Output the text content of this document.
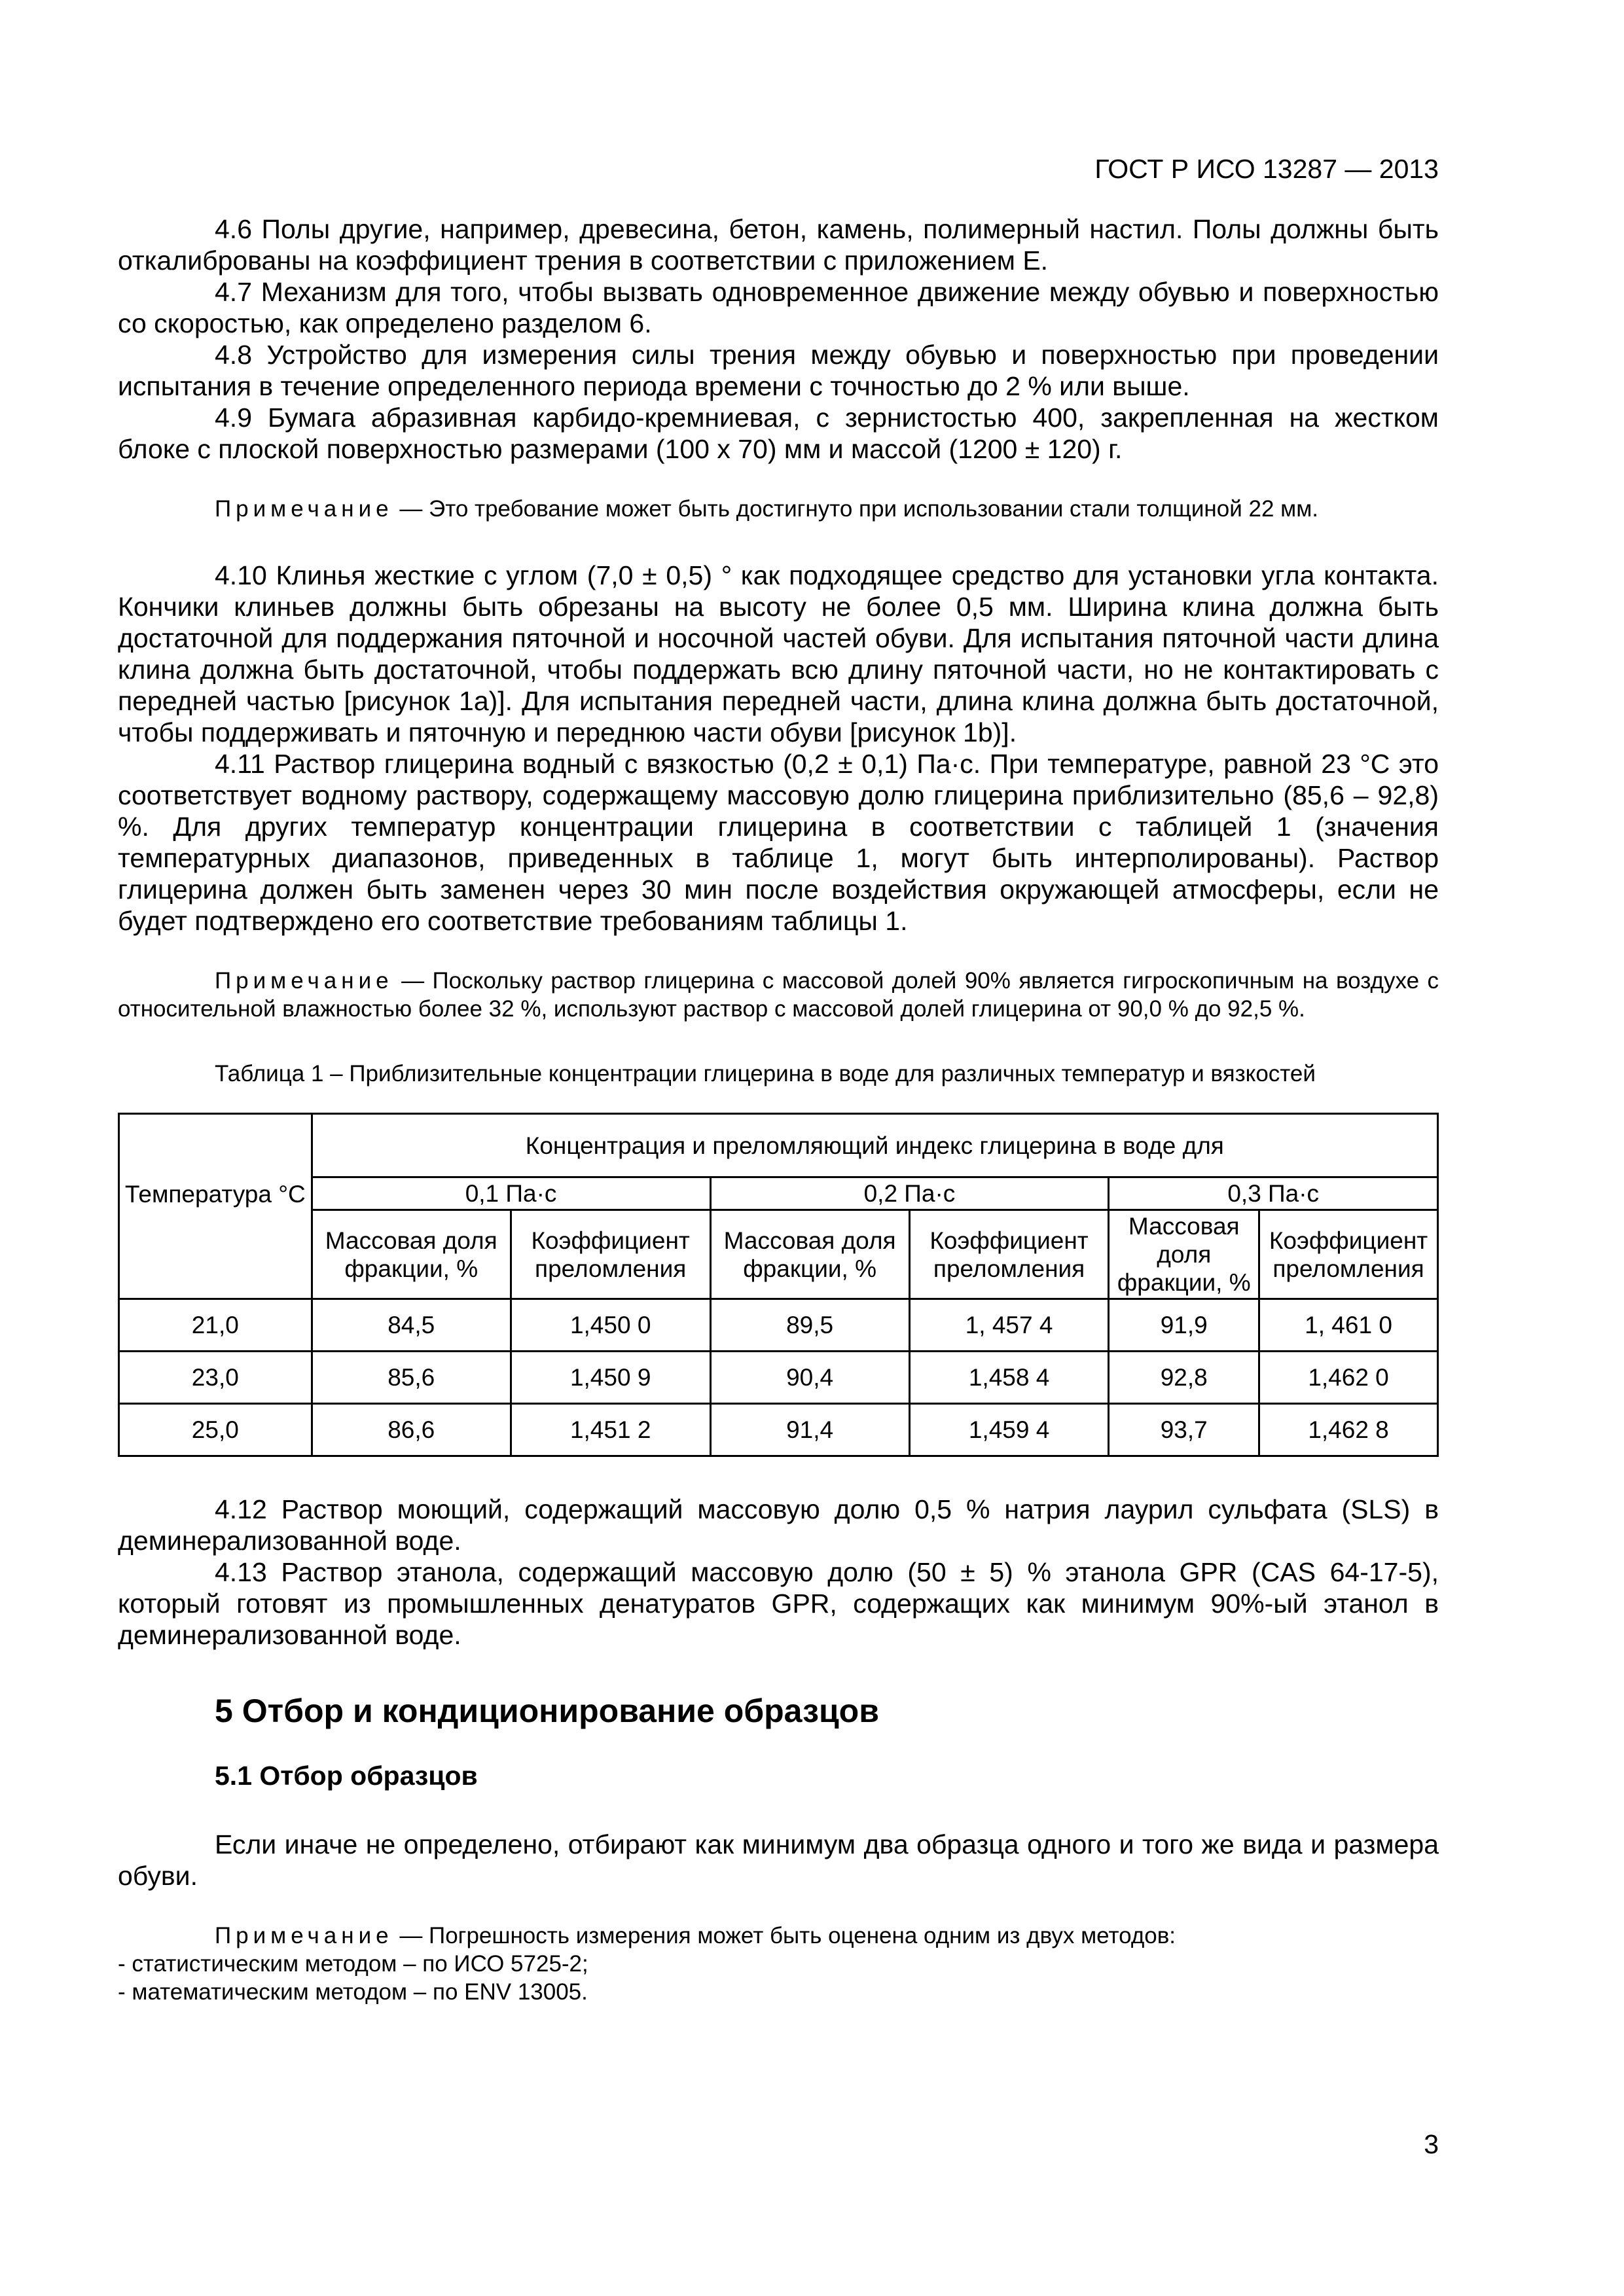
ГОСТ Р ИСО 13287 — 2013

4.6 Полы другие, например, древесина, бетон, камень, полимерный настил. Полы должны быть откалиброваны на коэффициент трения в соответствии с приложением Е.

4.7 Механизм для того, чтобы вызвать одновременное движение между обувью и поверхностью со скоростью, как определено разделом 6.

4.8 Устройство для измерения силы трения между обувью и поверхностью при проведении испытания в течение определенного периода времени с точностью до 2 % или выше.

4.9 Бумага абразивная карбидо-кремниевая, с зернистостью 400, закрепленная на жестком блоке с плоской поверхностью размерами (100 х 70) мм и массой (1200 ± 120) г.

Примечание — Это требование может быть достигнуто при использовании стали толщиной 22 мм.

4.10 Клинья жесткие с углом (7,0 ± 0,5) ° как подходящее средство для установки угла контакта. Кончики клиньев должны быть обрезаны на высоту не более 0,5 мм. Ширина клина должна быть достаточной для поддержания пяточной и носочной частей обуви. Для испытания пяточной части длина клина должна быть достаточной, чтобы поддержать всю длину пяточной части, но не контактировать с передней частью [рисунок 1а)]. Для испытания передней части, длина клина должна быть достаточной, чтобы поддерживать и пяточную и переднюю части обуви [рисунок 1b)].

4.11 Раствор глицерина водный с вязкостью (0,2 ± 0,1) Па·с. При температуре, равной 23 °С это соответствует водному раствору, содержащему массовую долю глицерина приблизительно (85,6 – 92,8) %. Для других температур концентрации глицерина в соответствии с таблицей 1 (значения температурных диапазонов, приведенных в таблице 1, могут быть интерполированы). Раствор глицерина должен быть заменен через 30 мин после воздействия окружающей атмосферы, если не будет подтверждено его соответствие требованиям таблицы 1.

Примечание — Поскольку раствор глицерина с массовой долей 90% является гигроскопичным на воздухе с относительной влажностью более 32 %, используют раствор с массовой долей глицерина от 90,0 % до 92,5 %.

Таблица 1 – Приблизительные концентрации глицерина в воде для различных температур и вязкостей

Температура °С	Концентрация и преломляющий индекс глицерина в воде для					
	0,1 Па·с		0,2 Па·с		0,3 Па·с	
	Массовая доля фракции, %	Коэффициент преломления	Массовая доля фракции, %	Коэффициент преломления	Массовая доля фракции, %	Коэффициент преломления
21,0	84,5	1,450 0	89,5	1, 457 4	91,9	1, 461 0
23,0	85,6	1,450 9	90,4	1,458 4	92,8	1,462 0
25,0	86,6	1,451 2	91,4	1,459 4	93,7	1,462 8

4.12 Раствор моющий, содержащий массовую долю 0,5 % натрия лаурил сульфата (SLS) в деминерализованной воде.

4.13 Раствор этанола, содержащий массовую долю (50 ± 5) % этанола GPR (CAS 64-17-5), который готовят из промышленных денатуратов GPR, содержащих как минимум 90%-ый этанол в деминерализованной воде.

5 Отбор и кондиционирование образцов
5.1 Отбор образцов

Если иначе не определено, отбирают как минимум два образца одного и того же вида и размера обуви.

Примечание — Погрешность измерения может быть оценена одним из двух методов:

- статистическим методом – по ИСО 5725-2;

- математическим методом – по ENV 13005.

3
